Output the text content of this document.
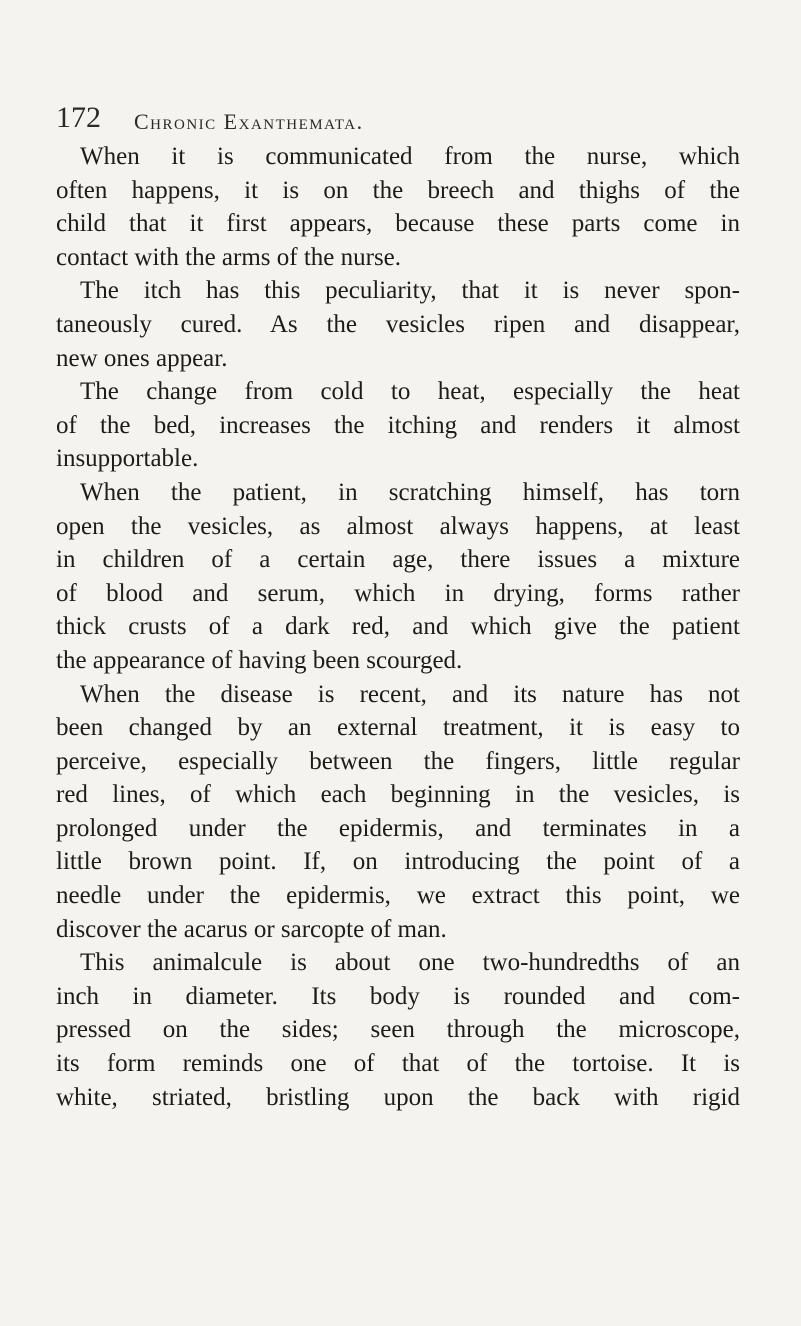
172 Chronic Exanthemata.
When it is communicated from the nurse, which
often happens, it is on the breech and thighs of the
child that it first appears, because these parts come in
contact with the arms of the nurse.
The itch has this peculiarity, that it is never spon-
taneously cured. As the vesicles ripen and disappear,
new ones appear.
The change from cold to heat, especially the heat
of the bed, increases the itching and renders it almost
insupportable.
When the patient, in scratching himself, has torn
open the vesicles, as almost always happens, at least
in children of a certain age, there issues a mixture
of blood and serum, which in drying, forms rather
thick crusts of a dark red, and which give the patient
the appearance of having been scourged.
When the disease is recent, and its nature has not
been changed by an external treatment, it is easy to
perceive, especially between the fingers, little regular
red lines, of which each beginning in the vesicles, is
prolonged under the epidermis, and terminates in a
little brown point. If, on introducing the point of a
needle under the epidermis, we extract this point, we
discover the acarus or sarcopte of man.
This animalcule is about one two-hundredths of an
inch in diameter. Its body is rounded and com-
pressed on the sides; seen through the microscope,
its form reminds one of that of the tortoise. It is
white, striated, bristling upon the back with rigid
